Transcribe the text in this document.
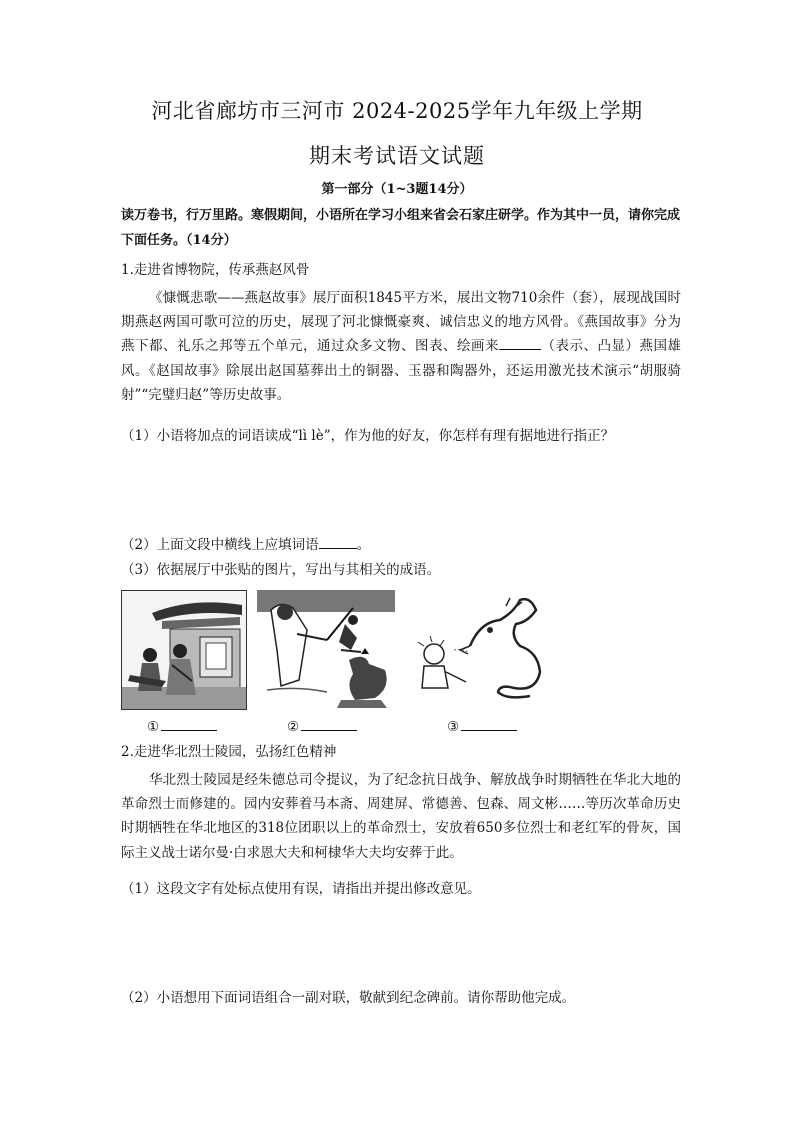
河北省廊坊市三河市 2024-2025学年九年级上学期
期末考试语文试题
第一部分（1~3题14分）
读万卷书，行万里路。寒假期间，小语所在学习小组来省会石家庄研学。作为其中一员，请你完成下面任务。（14分）
1.走进省博物院，传承燕赵风骨
《慷慨悲歌——燕赵故事》展厅面积1845平方米，展出文物710余件（套），展现战国时期燕赵两国可歌可泣的历史，展现了河北慷慨豪爽、诚信忠义的地方风骨。《燕国故事》分为燕下都、礼乐之邦等五个单元，通过众多文物、图表、绘画来	（表示、凸显）燕国雄风。《赵国故事》除展出赵国墓葬出土的铜器、玉器和陶器外，还运用激光技术演示“胡服骑射”“完璧归赵”等历史故事。
（1）小语将加点的词语读成“lì lè”，作为他的好友，你怎样有理有据地进行指正？
（2）上面文段中横线上应填词语	。
（3）依据展厅中张贴的图片，写出与其相关的成语。
①	②	③
2.走进华北烈士陵园，弘扬红色精神
华北烈士陵园是经朱德总司令提议，为了纪念抗日战争、解放战争时期牺牲在华北大地的革命烈士而修建的。园内安葬着马本斋、周建屏、常德善、包森、周文彬……等历次革命历史时期牺牲在华北地区的318位团职以上的革命烈士，安放着650多位烈士和老红军的骨灰，国际主义战士诺尔曼·白求恩大夫和柯棣华大夫均安葬于此。
（1）这段文字有处标点使用有误，请指出并提出修改意见。
（2）小语想用下面词语组合一副对联，敬献到纪念碑前。请你帮助他完成。
